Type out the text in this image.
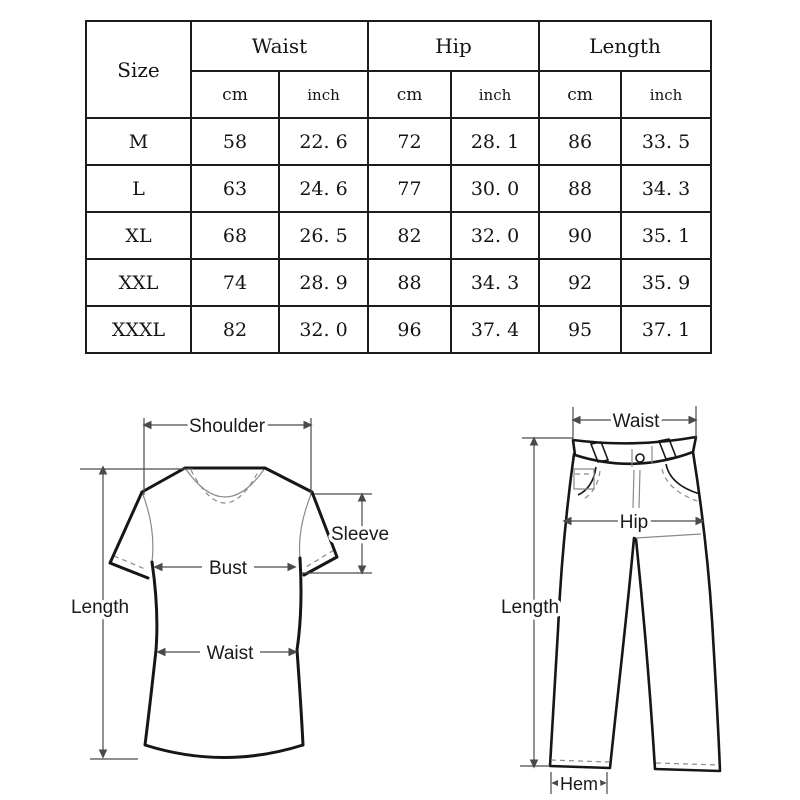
Size	Waist		Hip		Length	
	cm	inch	cm	inch	cm	inch
M	58	22. 6	72	28. 1	86	33. 5
L	63	24. 6	77	30. 0	88	34. 3
XL	68	26. 5	82	32. 0	90	35. 1
XXL	74	28. 9	88	34. 3	92	35. 9
XXXL	82	32. 0	96	37. 4	95	37. 1
Shoulder
Length
Sleeve
Bust
Waist
Waist
Hip
Length
Hem
